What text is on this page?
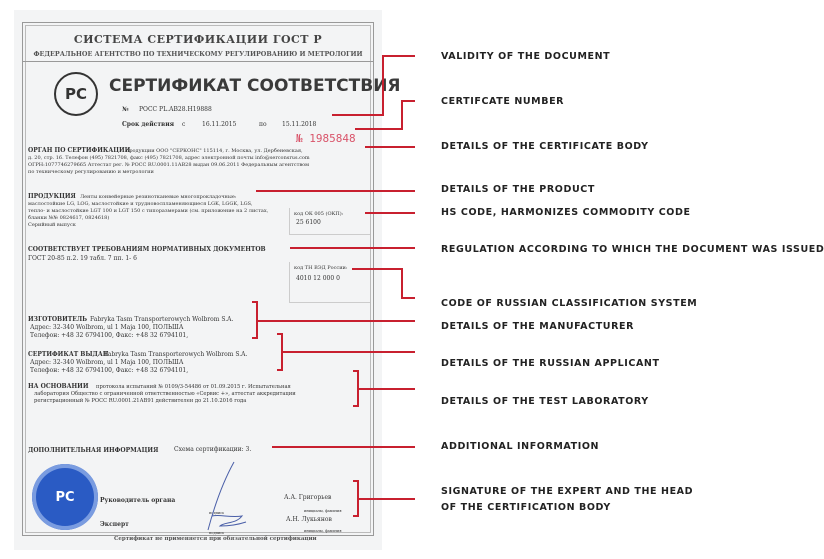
СИСТЕМА СЕРТИФИКАЦИИ ГОСТ Р
ФЕДЕРАЛЬНОЕ АГЕНТСТВО ПО ТЕХНИЧЕСКОМУ РЕГУЛИРОВАНИЮ И МЕТРОЛОГИИ
РС	СЕРТИФИКАТ СООТВЕТСТВИЯ
№ РОСС PL.АВ28.Н19888
Срок действия с	16.11.2015	по	15.11.2018
№ 1985848
ОРГАН ПО СЕРТИФИКАЦИИ
продукции ООО "СЕРКОНС" 115114, г. Москва, ул. Дербеневская,
д. 20, стр. 16. Телефон (495) 7821708, факс (495) 7821708, адрес электронной почты info@serconsrus.com
ОГРН:1077746279665 Аттестат рег. № РОСС RU.0001.11АВ28 выдан 09.06.2011 Федеральным агентством
по техническому регулированию и метрологии
ПРОДУКЦИЯ Ленты конвейерные резинотканевые многопрокладочные:
маслостойкие LG, LOG, маслостойкие и трудновоспламеняющиеся LGK, LGGK, LGS,
тепло- и маслостойкие LGT 100 и LGT 150 с типоразмерами (см. приложение на 2 листах,
бланки №№ 0824617, 0824618)
Серийный выпуск
код ОК 005 (ОКП):
25 6100
СООТВЕТСТВУЕТ ТРЕБОВАНИЯМ НОРМАТИВНЫХ ДОКУМЕНТОВ
ГОСТ 20-85 п.2. 19 табл. 7 пп. 1- 6
код ТН ВЭД России:
4010 12 000 0
ИЗГОТОВИТЕЛЬ Fabryka Tasm Transporterowych Wolbrom S.A.
Адрес: 32-340 Wolbrom, ul 1 Maja 100, ПОЛЬША
Телефон: +48 32 6794100, Факс: +48 32 6794101,
СЕРТИФИКАТ ВЫДАН
Fabryka Tasm Transporterowych Wolbrom S.A.
Адрес: 32-340 Wolbrom, ul 1 Maja 100, ПОЛЬША
Телефон: +48 32 6794100, Факс: +48 32 6794101,
НА ОСНОВАНИИ протокола испытаний № 0109/3-54486 от 01.09.2015 г. Испытательная
лаборатория Общество с ограниченной ответственностью «Сервис +», аттестат аккредитации
регистрационный № РОСС RU.0001.21АВ91 действителен до 21.10.2016 года
ДОПОЛНИТЕЛЬНАЯ ИНФОРМАЦИЯ	Схема сертификации: 3.
РС	Руководитель органа
Эксперт
подпись
подпись
А.А. Григорьев
А.Н. Лукьянов
инициалы, фамилия
инициалы, фамилия
Сертификат не применяется при обязательной сертификации
VALIDITY OF THE DOCUMENT
CERTIFCATE NUMBER
DETAILS OF THE CERTIFICATE BODY
DETAILS OF THE PRODUCT
HS CODE, HARMONIZES COMMODITY CODE
REGULATION ACCORDING TO WHICH THE DOCUMENT WAS ISSUED
CODE OF RUSSIAN CLASSIFICATION SYSTEM
DETAILS OF THE MANUFACTURER
DETAILS OF THE RUSSIAN APPLICANT
DETAILS OF THE TEST LABORATORY
ADDITIONAL INFORMATION
SIGNATURE OF THE EXPERT AND THE HEAD
OF THE CERTIFICATION BODY
